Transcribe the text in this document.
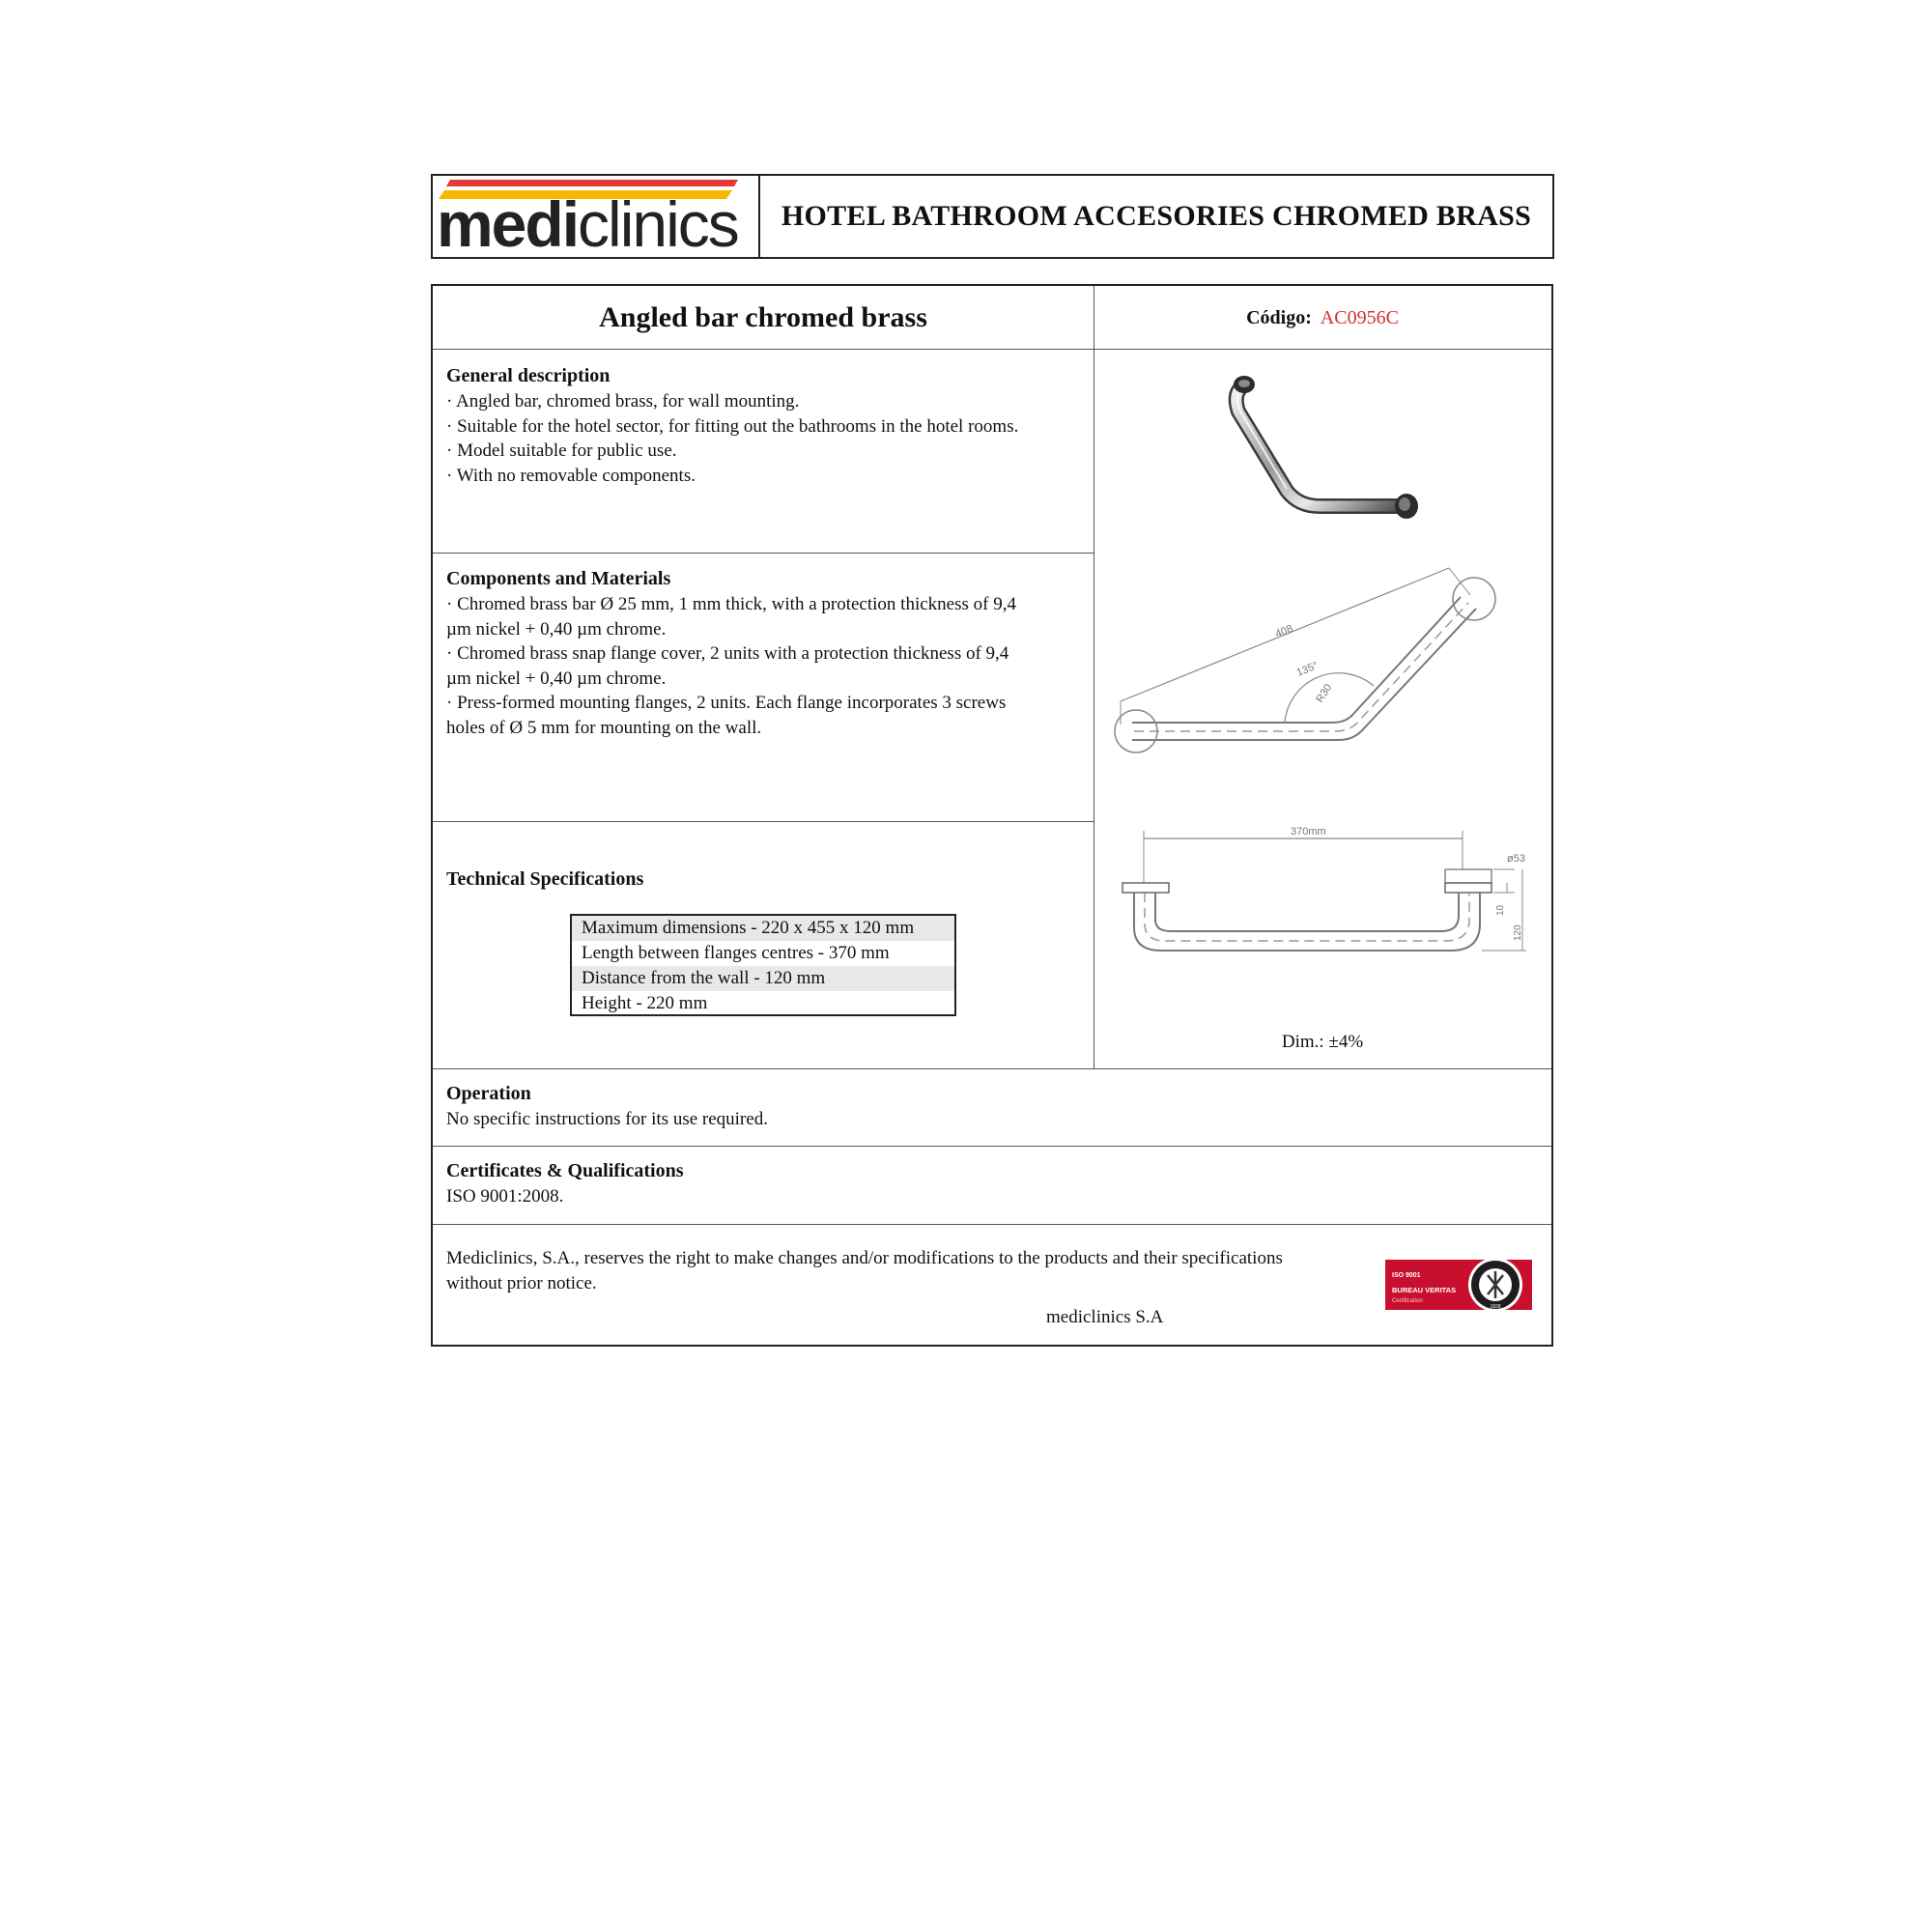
mediclinics	HOTEL BATHROOM ACCESORIES CHROMED BRASS
Angled bar chromed brass	Código: AC0956C
General description
· Angled bar, chromed brass, for wall mounting.
· Suitable for the hotel sector, for fitting out the bathrooms in the hotel rooms.
· Model suitable for public use.
· With no removable components.
Components and Materials
· Chromed brass bar Ø 25 mm, 1 mm thick, with a protection thickness of 9,4
µm nickel + 0,40 µm chrome.
· Chromed brass snap flange cover, 2 units with a protection thickness of 9,4
µm nickel + 0,40 µm chrome.
· Press-formed mounting flanges, 2 units. Each flange incorporates 3 screws
holes of Ø 5 mm for mounting on the wall.
Technical Specifications
Maximum dimensions - 220 x 455 x 120 mm
Length between flanges centres - 370 mm
Distance from the wall - 120 mm
Height - 220 mm
408
135°
R30
370mm
ø53
10
120
Dim.: ±4%
Operation
No specific instructions for its use required.
Certificates & Qualifications
ISO 9001:2008.
Mediclinics, S.A., reserves the right to make changes and/or modifications to the products and their specifications
without prior notice.
mediclinics S.A
ISO 9001
BUREAU VERITAS
Certification
1828
